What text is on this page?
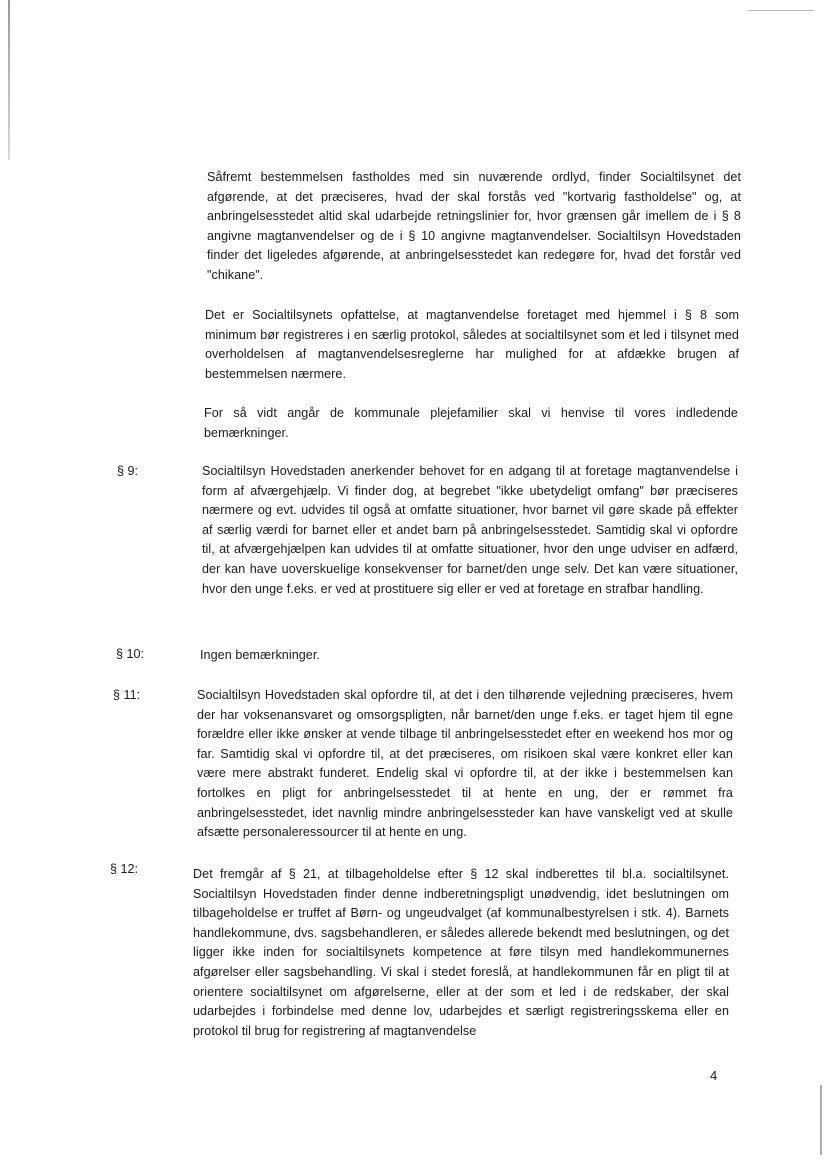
Såfremt bestemmelsen fastholdes med sin nuværende ordlyd, finder Socialtilsynet det afgørende, at det præciseres, hvad der skal forstås ved "kortvarig fastholdelse" og, at anbringelsesstedet altid skal udarbejde retningslinier for, hvor grænsen går imellem de i § 8 angivne magtanvendelser og de i § 10 angivne magtanvendelser. Socialtilsyn Hovedstaden finder det ligeledes afgørende, at anbringelsesstedet kan redegøre for, hvad det forstår ved "chikane".

Det er Socialtilsynets opfattelse, at magtanvendelse foretaget med hjemmel i § 8 som minimum bør registreres i en særlig protokol, således at socialtilsynet som et led i tilsynet med overholdelsen af magtanvendelsesreglerne har mulighed for at afdække brugen af bestemmelsen nærmere.

For så vidt angår de kommunale plejefamilier skal vi henvise til vores indledende bemærkninger.

§ 9:	Socialtilsyn Hovedstaden anerkender behovet for en adgang til at foretage magtanvendelse i form af afværgehjælp. Vi finder dog, at begrebet "ikke ubetydeligt omfang" bør præciseres nærmere og evt. udvides til også at omfatte situationer, hvor barnet vil gøre skade på effekter af særlig værdi for barnet eller et andet barn på anbringelsesstedet. Samtidig skal vi opfordre til, at afværgehjælpen kan udvides til at omfatte situationer, hvor den unge udviser en adfærd, der kan have uoverskuelige konsekvenser for barnet/den unge selv. Det kan være situationer, hvor den unge f.eks. er ved at prostituere sig eller er ved at foretage en strafbar handling.

§ 10:	Ingen bemærkninger.

§ 11:	Socialtilsyn Hovedstaden skal opfordre til, at det i den tilhørende vejledning præciseres, hvem der har voksenansvaret og omsorgspligten, når barnet/den unge f.eks. er taget hjem til egne forældre eller ikke ønsker at vende tilbage til anbringelsesstedet efter en weekend hos mor og far. Samtidig skal vi opfordre til, at det præciseres, om risikoen skal være konkret eller kan være mere abstrakt funderet. Endelig skal vi opfordre til, at der ikke i bestemmelsen kan fortolkes en pligt for anbringelsesstedet til at hente en ung, der er rømmet fra anbringelsesstedet, idet navnlig mindre anbringelsessteder kan have vanskeligt ved at skulle afsætte personaleressourcer til at hente en ung.

§ 12:	Det fremgår af § 21, at tilbageholdelse efter § 12 skal indberettes til bl.a. socialtilsynet. Socialtilsyn Hovedstaden finder denne indberetningspligt unødvendig, idet beslutningen om tilbageholdelse er truffet af Børn- og ungeudvalget (af kommunalbestyrelsen i stk. 4). Barnets handlekommune, dvs. sagsbehandleren, er således allerede bekendt med beslutningen, og det ligger ikke inden for socialtilsynets kompetence at føre tilsyn med handlekommunernes afgørelser eller sagsbehandling. Vi skal i stedet foreslå, at handlekommunen får en pligt til at orientere socialtilsynet om afgørelserne, eller at der som et led i de redskaber, der skal udarbejdes i forbindelse med denne lov, udarbejdes et særligt registreringsskema eller en protokol til brug for registrering af magtanvendelse

4
